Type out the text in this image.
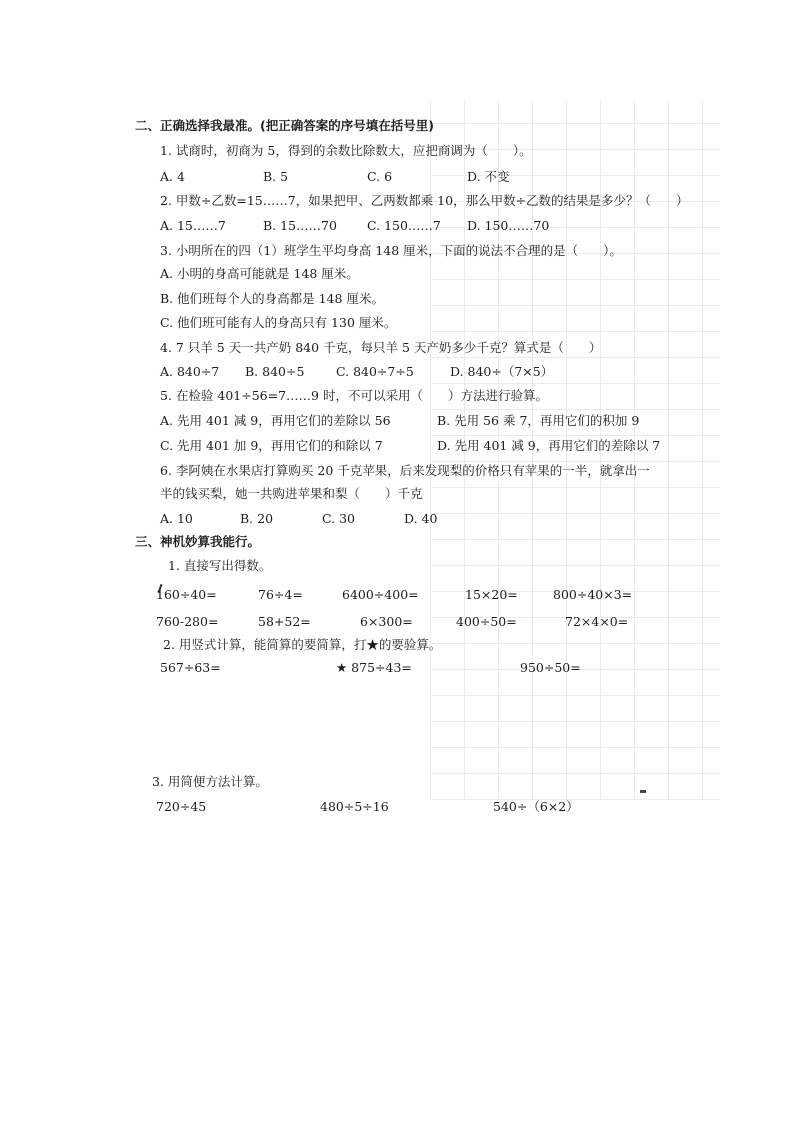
二、正确选择我最准。(把正确答案的序号填在括号里)
1. 试商时，初商为 5，得到的余数比除数大，应把商调为（　　）。
A. 4	B. 5	C. 6	D. 不变
2. 甲数÷乙数=15……7，如果把甲、乙两数都乘 10，那么甲数÷乙数的结果是多少？（　　）
A. 15……7	B. 15……70 C. 150……7 D. 150……70
3. 小明所在的四（1）班学生平均身高 148 厘米，下面的说法不合理的是（　　）。
A. 小明的身高可能就是 148 厘米。
B. 他们班每个人的身高都是 148 厘米。
C. 他们班可能有人的身高只有 130 厘米。
4. 7 只羊 5 天一共产奶 840 千克，每只羊 5 天产奶多少千克？算式是（　　）
A. 840÷7 B. 840÷5	C. 840÷7÷5	D. 840÷（7×5）
5. 在检验 401÷56=7……9 时，不可以采用（　　）方法进行验算。
A. 先用 401 减 9，再用它们的差除以 56	B. 先用 56 乘 7，再用它们的积加 9
C. 先用 401 加 9，再用它们的和除以 7	D. 先用 401 减 9，再用它们的差除以 7
6. 李阿姨在水果店打算购买 20 千克苹果，后来发现梨的价格只有苹果的一半，就拿出一
半的钱买梨，她一共购进苹果和梨（　　）千克
A. 10	B. 20	C. 30	D. 40
三、神机妙算我能行。
1. 直接写出得数。
160÷40=	76÷4=	6400÷400=	15×20=	800÷40×3=
760-280=	58+52=	6×300=	400÷50=	72×4×0=
2. 用竖式计算，能简算的要简算，打★的要验算。
567÷63=	★ 875÷43=	950÷50=
3. 用简便方法计算。
720÷45	480÷5÷16	540÷（6×2）
